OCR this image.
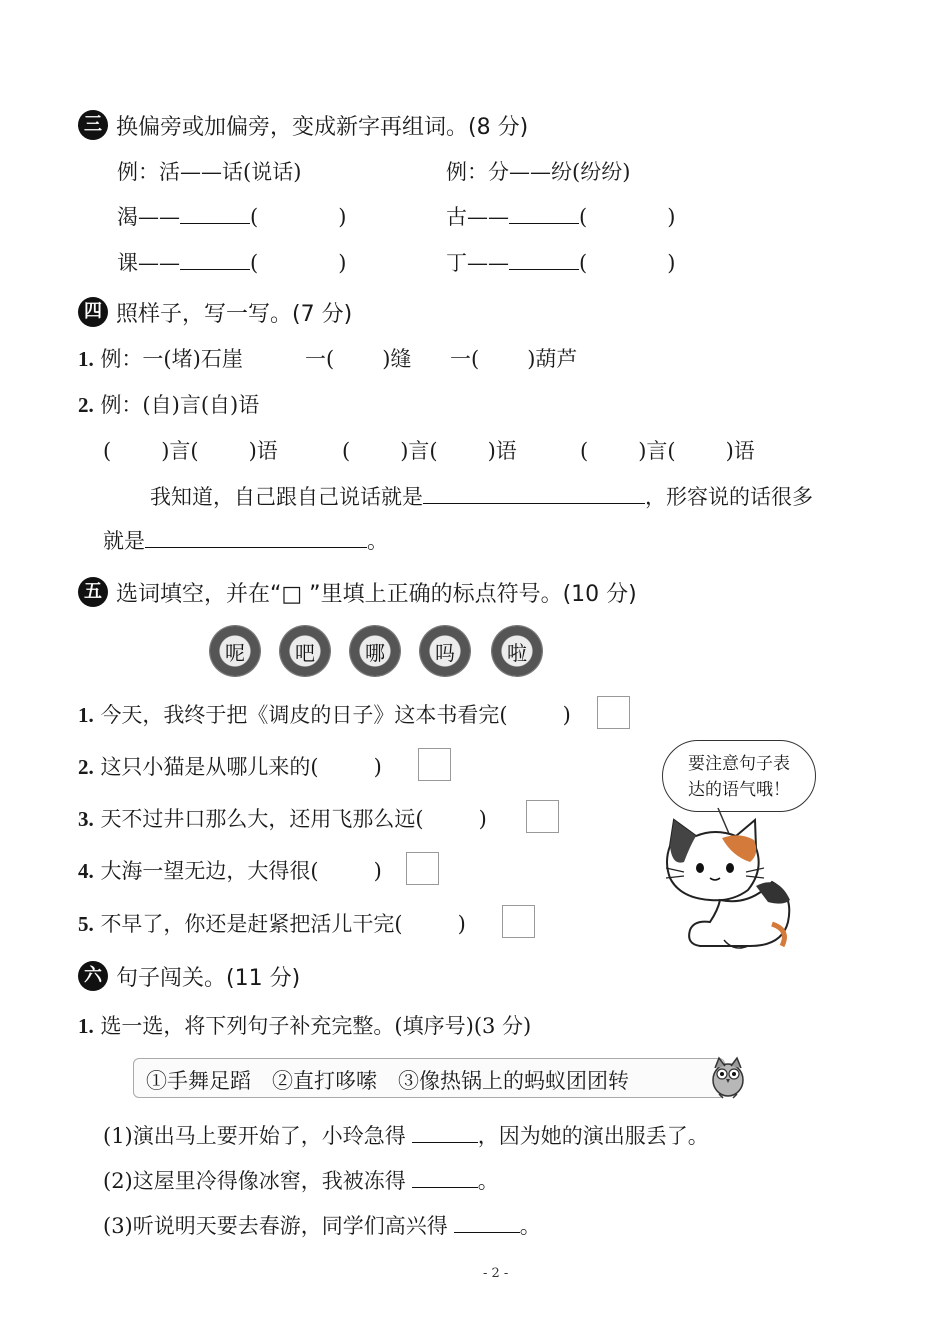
三 换偏旁或加偏旁，变成新字再组词。(8 分)
例：活——话(说话)	例：分——纷(纷纷)
渴——	(	)	古——	(	)
课——	(	)	丁——	(	)
四 照样子，写一写。(7 分)
1. 例：一(堵)石崖	一( )缝 一( )葫芦
2. 例：(自)言(自)语
( )言( )语	( )言( )语	( )言( )语
我知道，自己跟自己说话就是	，形容说的话很多
就是	。
五 选词填空，并在“□ ”里填上正确的标点符号。(10 分)
呢	吧	哪	吗	啦
1. 今天，我终于把《调皮的日子》这本书看完(	)
2. 这只小猫是从哪儿来的(	)
3. 天不过井口那么大，还用飞那么远(	)
4. 大海一望无边，大得很(	)
5. 不早了，你还是赶紧把活儿干完(	)
要注意句子表
达的语气哦！
六 句子闯关。(11 分)
1. 选一选，将下列句子补充完整。(填序号)(3 分)
①手舞足蹈　②直打哆嗦　③像热锅上的蚂蚁团团转
(1)演出马上要开始了，小玲急得	，因为她的演出服丢了。
(2)这屋里冷得像冰窖，我被冻得	。
(3)听说明天要去春游，同学们高兴得	。
- 2 -
